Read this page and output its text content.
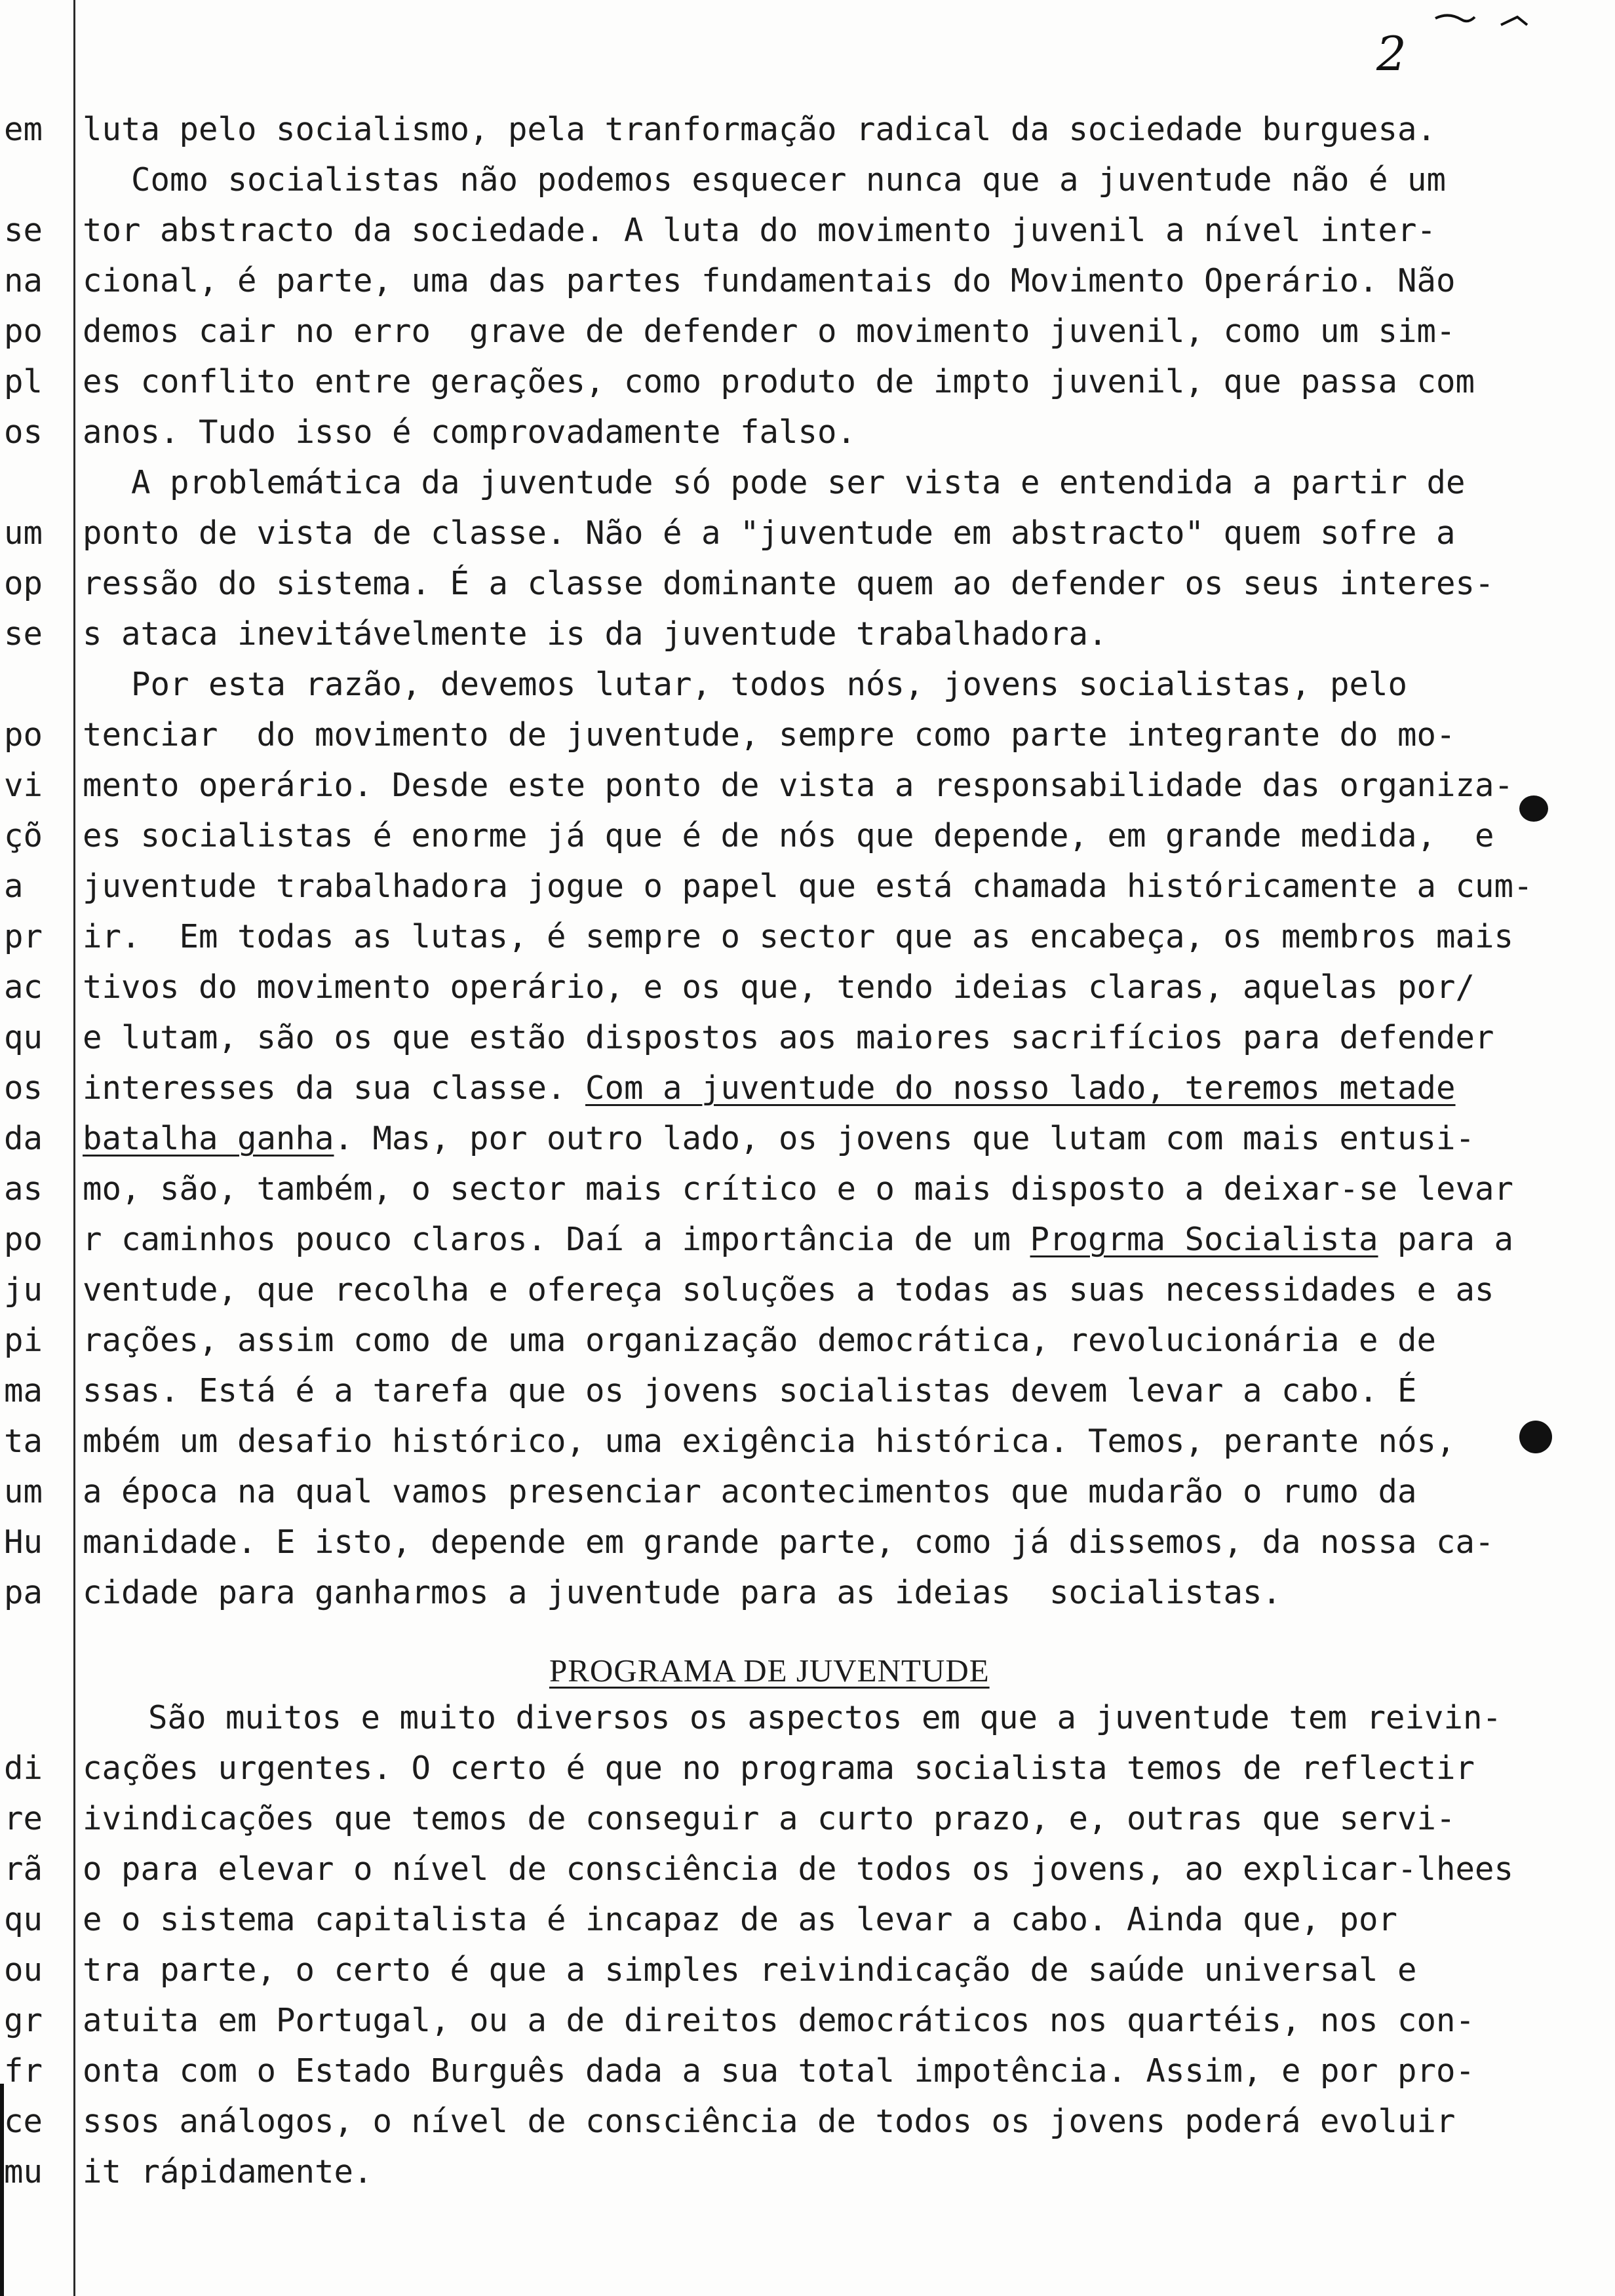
2
em luta pelo socialismo, pela tranformação radical da sociedade burguesa.
Como socialistas não podemos esquecer nunca que a juventude não é um
se tor abstracto da sociedade. A luta do movimento juvenil a nível inter-
na cional, é parte, uma das partes fundamentais do Movimento Operário. Não
po demos cair no erro  grave de defender o movimento juvenil, como um sim-
pl es conflito entre gerações, como produto de impto juvenil, que passa com
os anos. Tudo isso é comprovadamente falso.
A problemática da juventude só pode ser vista e entendida a partir de
um ponto de vista de classe. Não é a "juventude em abstracto" quem sofre a
op ressão do sistema. É a classe dominante quem ao defender os seus interes-
se s ataca inevitávelmente is da juventude trabalhadora.
Por esta razão, devemos lutar, todos nós, jovens socialistas, pelo
po tenciar  do movimento de juventude, sempre como parte integrante do mo-
vi mento operário. Desde este ponto de vista a responsabilidade das organiza-
çõ es socialistas é enorme já que é de nós que depende, em grande medida,  e
a juventude trabalhadora jogue o papel que está chamada históricamente a cum-
pr ir.  Em todas as lutas, é sempre o sector que as encabeça, os membros mais
ac tivos do movimento operário, e os que, tendo ideias claras, aquelas por/
qu e lutam, são os que estão dispostos aos maiores sacrifícios para defender
os interesses da sua classe. Com a juventude do nosso lado, teremos metade
da batalha ganha. Mas, por outro lado, os jovens que lutam com mais entusi-
as mo, são, também, o sector mais crítico e o mais disposto a deixar-se levar
po r caminhos pouco claros. Daí a importância de um Progrma Socialista para a
ju ventude, que recolha e ofereça soluções a todas as suas necessidades e as
pi rações, assim como de uma organização democrática, revolucionária e de
ma ssas. Está é a tarefa que os jovens socialistas devem levar a cabo. É
ta mbém um desafio histórico, uma exigência histórica. Temos, perante nós,
um a época na qual vamos presenciar acontecimentos que mudarão o rumo da
Hu manidade. E isto, depende em grande parte, como já dissemos, da nossa ca-
pa cidade para ganharmos a juventude para as ideias  socialistas.
PROGRAMA DE JUVENTUDE
São muitos e muito diversos os aspectos em que a juventude tem reivin-
di cações urgentes. O certo é que no programa socialista temos de reflectir
re ivindicações que temos de conseguir a curto prazo, e, outras que servi-
rã o para elevar o nível de consciência de todos os jovens, ao explicar-lhees
qu e o sistema capitalista é incapaz de as levar a cabo. Ainda que, por
ou tra parte, o certo é que a simples reivindicação de saúde universal e
gr atuita em Portugal, ou a de direitos democráticos nos quartéis, nos con-
fr onta com o Estado Burguês dada a sua total impotência. Assim, e por pro-
ce ssos análogos, o nível de consciência de todos os jovens poderá evoluir
mu it rápidamente.
